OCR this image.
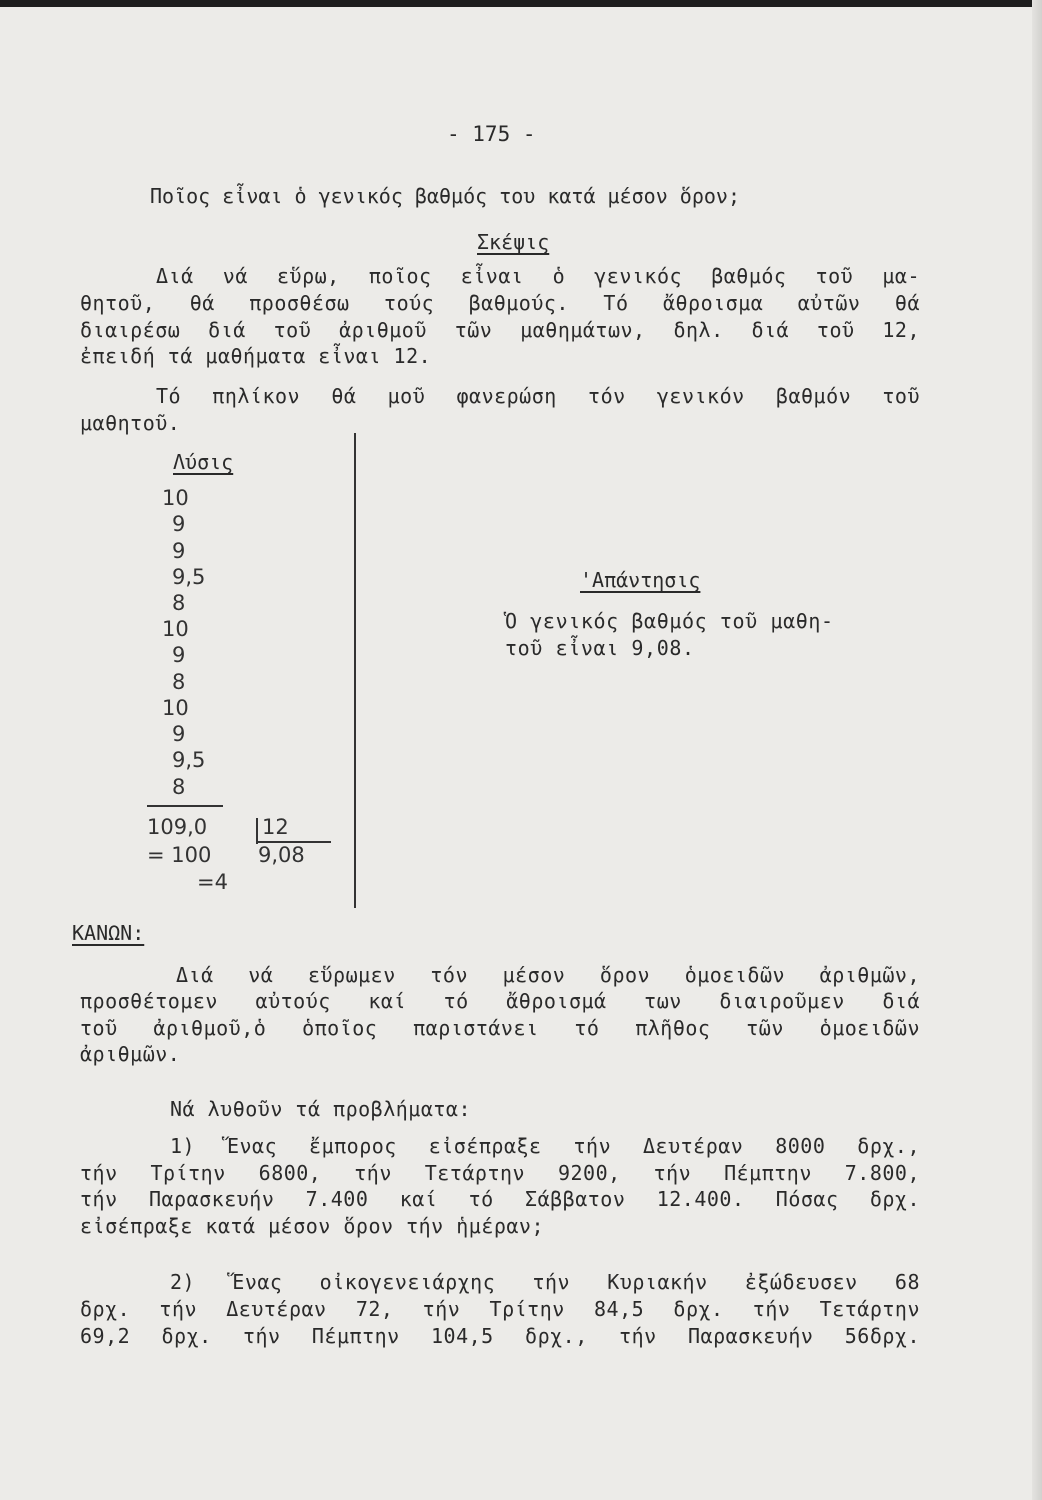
- 175 -
Ποῖος εἶναι ὁ γενικός βαθμός του κατά μέσον ὅρον;
Σκέψις
Διά νά εὕρω, ποῖος εἶναι ὁ γενικός βαθμός τοῦ μα-
θητοῦ, θά προσθέσω τούς βαθμούς. Τό ἄθροισμα αὐτῶν θά
διαιρέσω διά τοῦ ἀριθμοῦ τῶν μαθημάτων, δηλ. διά τοῦ 12,
ἐπειδή τά μαθήματα εἶναι 12.
Τό πηλίκον θά μοῦ φανερώση τόν γενικόν βαθμόν τοῦ
μαθητοῦ.
Λύσις
10
9
9
9,5
8
10
9
8
10
9
9,5
8
109,0	12
= 100	9,08
=4
'Απάντησις
Ὁ γενικός βαθμός τοῦ μαθη-
τοῦ εἶναι 9,08.
ΚΑΝΩΝ:
Διά νά εὕρωμεν τόν μέσον ὅρον ὁμοειδῶν ἀριθμῶν,
προσθέτομεν αὐτούς καί τό ἄθροισμά των διαιροῦμεν διά
τοῦ ἀριθμοῦ,ὁ ὁποῖος παριστάνει τό πλῆθος τῶν ὁμοειδῶν
ἀριθμῶν.
Νά λυθοῦν τά προβλήματα:
1) Ἕνας ἔμπορος εἰσέπραξε τήν Δευτέραν 8000 δρχ.,
τήν Τρίτην 6800, τήν Τετάρτην 9200, τήν Πέμπτην 7.800,
τήν Παρασκευήν 7.400 καί τό Σάββατον 12.400. Πόσας δρχ.
εἰσέπραξε κατά μέσον ὅρον τήν ἡμέραν;
2) Ἕνας οἰκογενειάρχης τήν Κυριακήν ἐξώδευσεν 68
δρχ. τήν Δευτέραν 72, τήν Τρίτην 84,5 δρχ. τήν Τετάρτην
69,2 δρχ. τήν Πέμπτην 104,5 δρχ., τήν Παρασκευήν 56δρχ.
